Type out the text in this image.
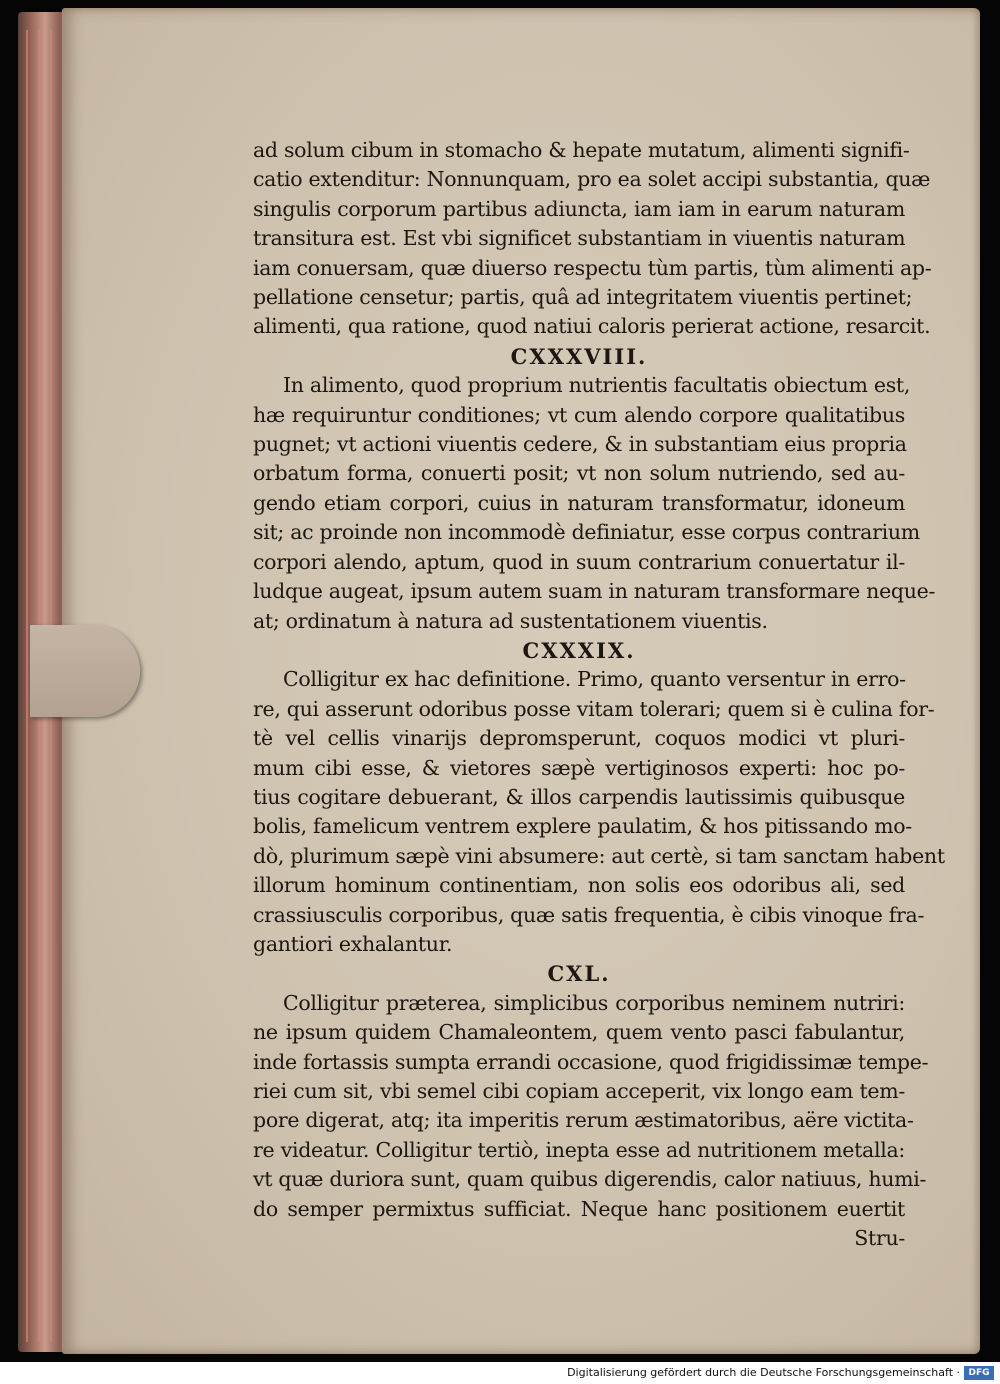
ad solum cibum in stomacho & hepate mutatum, alimenti signifi-
catio extenditur: Nonnunquam, pro ea solet accipi substantia, quæ
singulis corporum partibus adiuncta, iam iam in earum naturam
transitura est. Est vbi significet substantiam in viuentis naturam
iam conuersam, quæ diuerso respectu tùm partis, tùm alimenti ap-
pellatione censetur; partis, quâ ad integritatem viuentis pertinet;
alimenti, qua ratione, quod natiui caloris perierat actione, resarcit.
CXXXVIII.
In alimento, quod proprium nutrientis facultatis obiectum est,
hæ requiruntur conditiones; vt cum alendo corpore qualitatibus
pugnet; vt actioni viuentis cedere, & in substantiam eius propria
orbatum forma, conuerti posit; vt non solum nutriendo, sed au-
gendo etiam corpori, cuius in naturam transformatur, idoneum
sit; ac proinde non incommodè definiatur, esse corpus contrarium
corpori alendo, aptum, quod in suum contrarium conuertatur il-
ludque augeat, ipsum autem suam in naturam transformare neque-
at; ordinatum à natura ad sustentationem viuentis.
CXXXIX.
Colligitur ex hac definitione. Primo, quanto versentur in erro-
re, qui asserunt odoribus posse vitam tolerari; quem si è culina for-
tè vel cellis vinarijs depromsperunt, coquos modici vt pluri-
mum cibi esse, & vietores sæpè vertiginosos experti: hoc po-
tius cogitare debuerant, & illos carpendis lautissimis quibusque
bolis, famelicum ventrem explere paulatim, & hos pitissando mo-
dò, plurimum sæpè vini absumere: aut certè, si tam sanctam habent
illorum hominum continentiam, non solis eos odoribus ali, sed
crassiusculis corporibus, quæ satis frequentia, è cibis vinoque fra-
gantiori exhalantur.
CXL.
Colligitur præterea, simplicibus corporibus neminem nutriri:
ne ipsum quidem Chamaleontem, quem vento pasci fabulantur,
inde fortassis sumpta errandi occasione, quod frigidissimæ tempe-
riei cum sit, vbi semel cibi copiam acceperit, vix longo eam tem-
pore digerat, atq; ita imperitis rerum æstimatoribus, aëre victita-
re videatur. Colligitur tertiò, inepta esse ad nutritionem metalla:
vt quæ duriora sunt, quam quibus digerendis, calor natiuus, humi-
do semper permixtus sufficiat. Neque hanc positionem euertit
Stru-
Digitalisierung gefördert durch die Deutsche Forschungsgemeinschaft · DFG
